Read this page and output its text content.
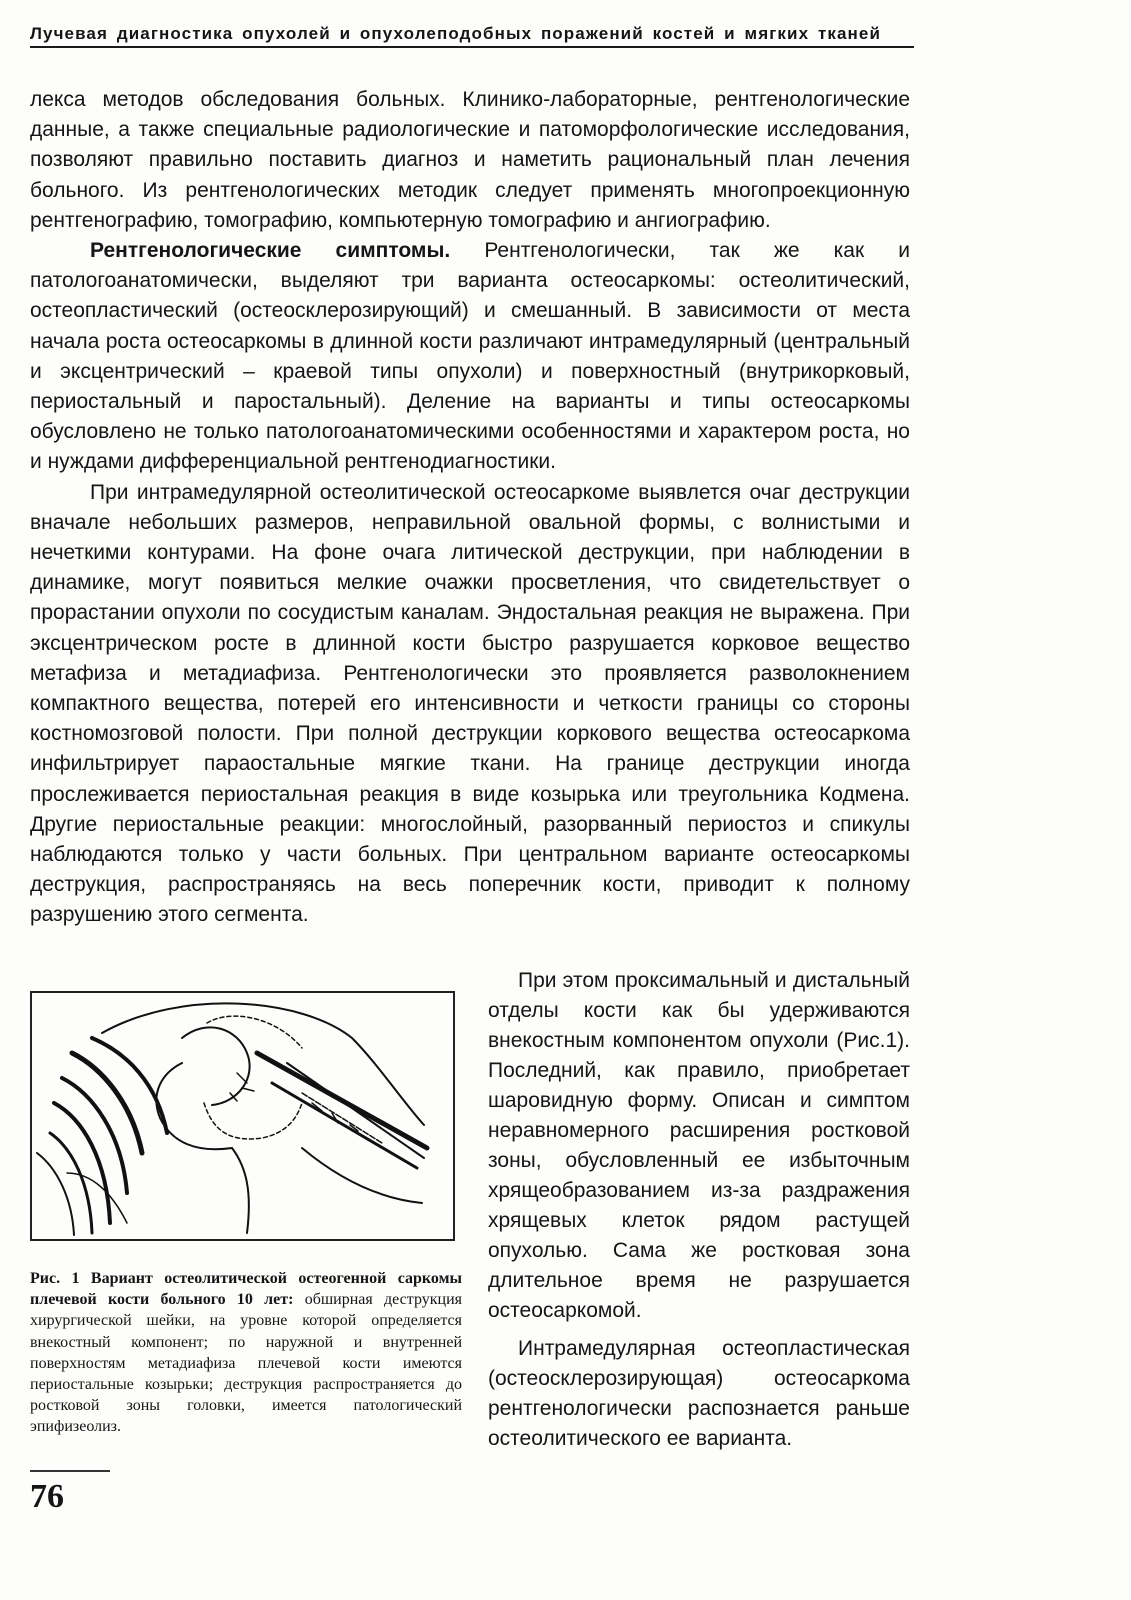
Лучевая диагностика опухолей и опухолеподобных поражений костей и мягких тканей

лекса методов обследования больных. Клинико-лабораторные, рентгенологические данные, а также специальные радиологические и патоморфологические исследования, позволяют правильно поставить диагноз и наметить рациональный план лечения больного. Из рентгенологических методик следует применять многопроекционную рентгенографию, томографию, компьютерную томографию и ангиографию.

Рентгенологические симптомы. Рентгенологически, так же как и патологоанатомически, выделяют три варианта остеосаркомы: остеолитический, остеопластический (остеосклерозирующий) и смешанный. В зависимости от места начала роста остеосаркомы в длинной кости различают интрамедулярный (центральный и эксцентрический – краевой типы опухоли) и поверхностный (внутрикорковый, периостальный и паростальный). Деление на варианты и типы остеосаркомы обусловлено не только патологоанатомическими особенностями и характером роста, но и нуждами дифференциальной рентгенодиагностики.

При интрамедулярной остеолитической остеосаркоме выявлется очаг деструкции вначале небольших размеров, неправильной овальной формы, с волнистыми и нечеткими контурами. На фоне очага литической деструкции, при наблюдении в динамике, могут появиться мелкие очажки просветления, что свидетельствует о прорастании опухоли по сосудистым каналам. Эндостальная реакция не выражена. При эксцентрическом росте в длинной кости быстро разрушается корковое вещество метафиза и метадиафиза. Рентгенологически это проявляется разволокнением компактного вещества, потерей его интенсивности и четкости границы со стороны костномозговой полости. При полной деструкции коркового вещества остеосаркома инфильтрирует параостальные мягкие ткани. На границе деструкции иногда прослеживается периостальная реакция в виде козырька или треугольника Кодмена. Другие периостальные реакции: многослойный, разорванный периостоз и спикулы наблюдаются только у части больных. При центральном варианте остеосаркомы деструкция, распространяясь на весь поперечник кости, приводит к полному разрушению этого сегмента.

При этом проксимальный и дистальный отделы кости как бы удерживаются внекостным компонентом опухоли (Рис.1). Последний, как правило, приобретает шаровидную форму. Описан и симптом неравномерного расширения ростковой зоны, обусловленный ее избыточным хрящеобразованием из-за раздражения хрящевых клеток рядом растущей опухолью. Сама же ростковая зона длительное время не разрушается остеосаркомой.

Интрамедулярная остеопластическая (остеосклерозирующая) остеосаркома рентгенологически распознается раньше остеолитического ее варианта.

Рис. 1 Вариант остеолитической остеогенной саркомы плечевой кости больного 10 лет: обширная деструкция хирургической шейки, на уровне которой определяется внекостный компонент; по наружной и внутренней поверхностям метадиафиза плечевой кости имеются периостальные козырьки; деструкция распространяется до ростковой зоны головки, имеется патологический эпифизеолиз.
76
